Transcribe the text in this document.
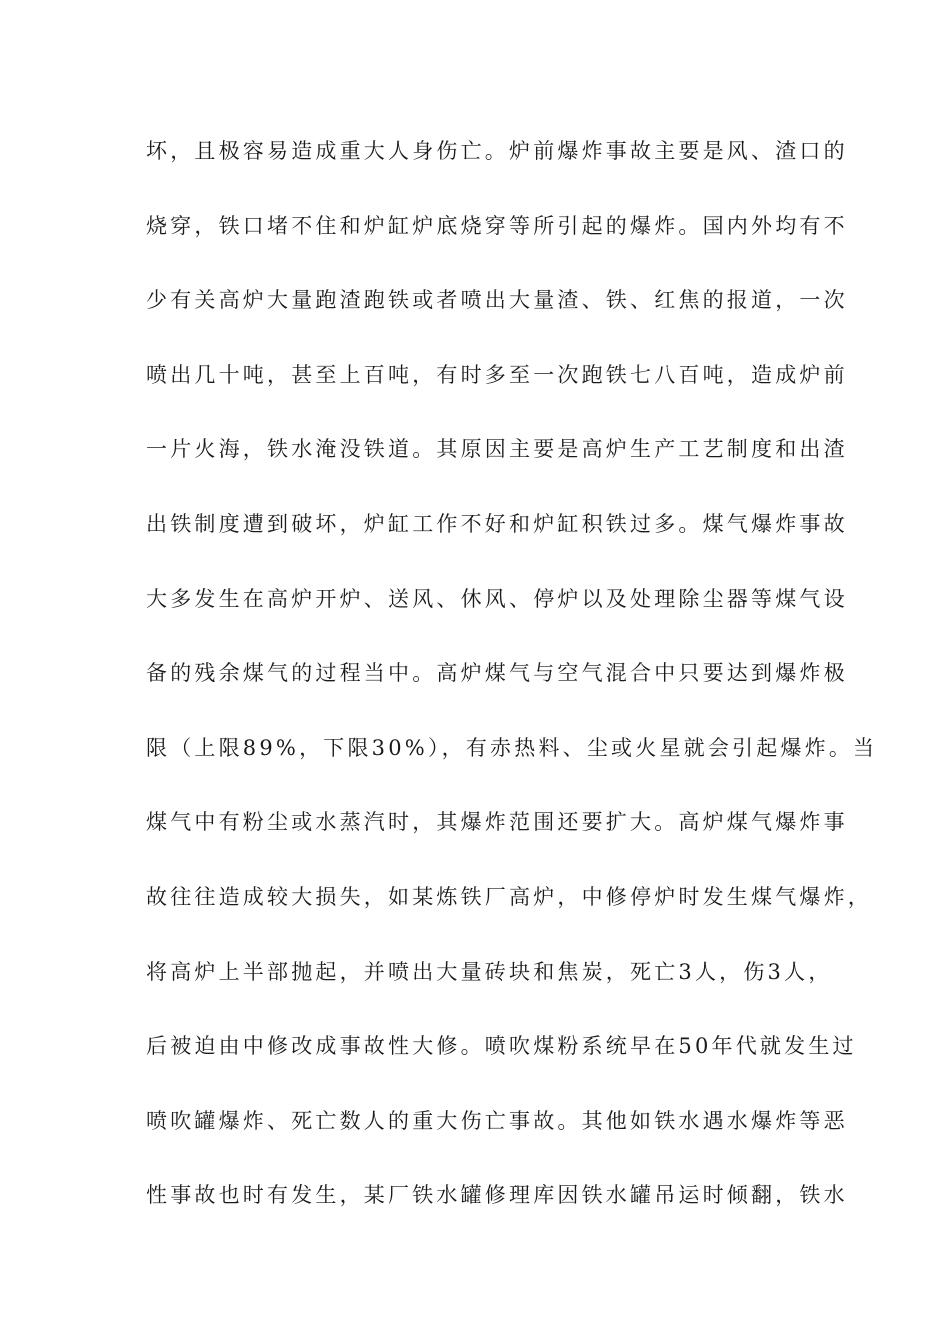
坏，且极容易造成重大人身伤亡。炉前爆炸事故主要是风、渣口的
烧穿，铁口堵不住和炉缸炉底烧穿等所引起的爆炸。国内外均有不
少有关高炉大量跑渣跑铁或者喷出大量渣、铁、红焦的报道，一次
喷出几十吨，甚至上百吨，有时多至一次跑铁七八百吨，造成炉前
一片火海，铁水淹没铁道。其原因主要是高炉生产工艺制度和出渣
出铁制度遭到破坏，炉缸工作不好和炉缸积铁过多。煤气爆炸事故
大多发生在高炉开炉、送风、休风、停炉以及处理除尘器等煤气设
备的残余煤气的过程当中。高炉煤气与空气混合中只要达到爆炸极
限（上限89%，下限30%），有赤热料、尘或火星就会引起爆炸。当
煤气中有粉尘或水蒸汽时，其爆炸范围还要扩大。高炉煤气爆炸事
故往往造成较大损失，如某炼铁厂高炉，中修停炉时发生煤气爆炸，
将高炉上半部抛起，并喷出大量砖块和焦炭，死亡3人，伤3人，
后被迫由中修改成事故性大修。喷吹煤粉系统早在50年代就发生过
喷吹罐爆炸、死亡数人的重大伤亡事故。其他如铁水遇水爆炸等恶
性事故也时有发生，某厂铁水罐修理库因铁水罐吊运时倾翻，铁水
